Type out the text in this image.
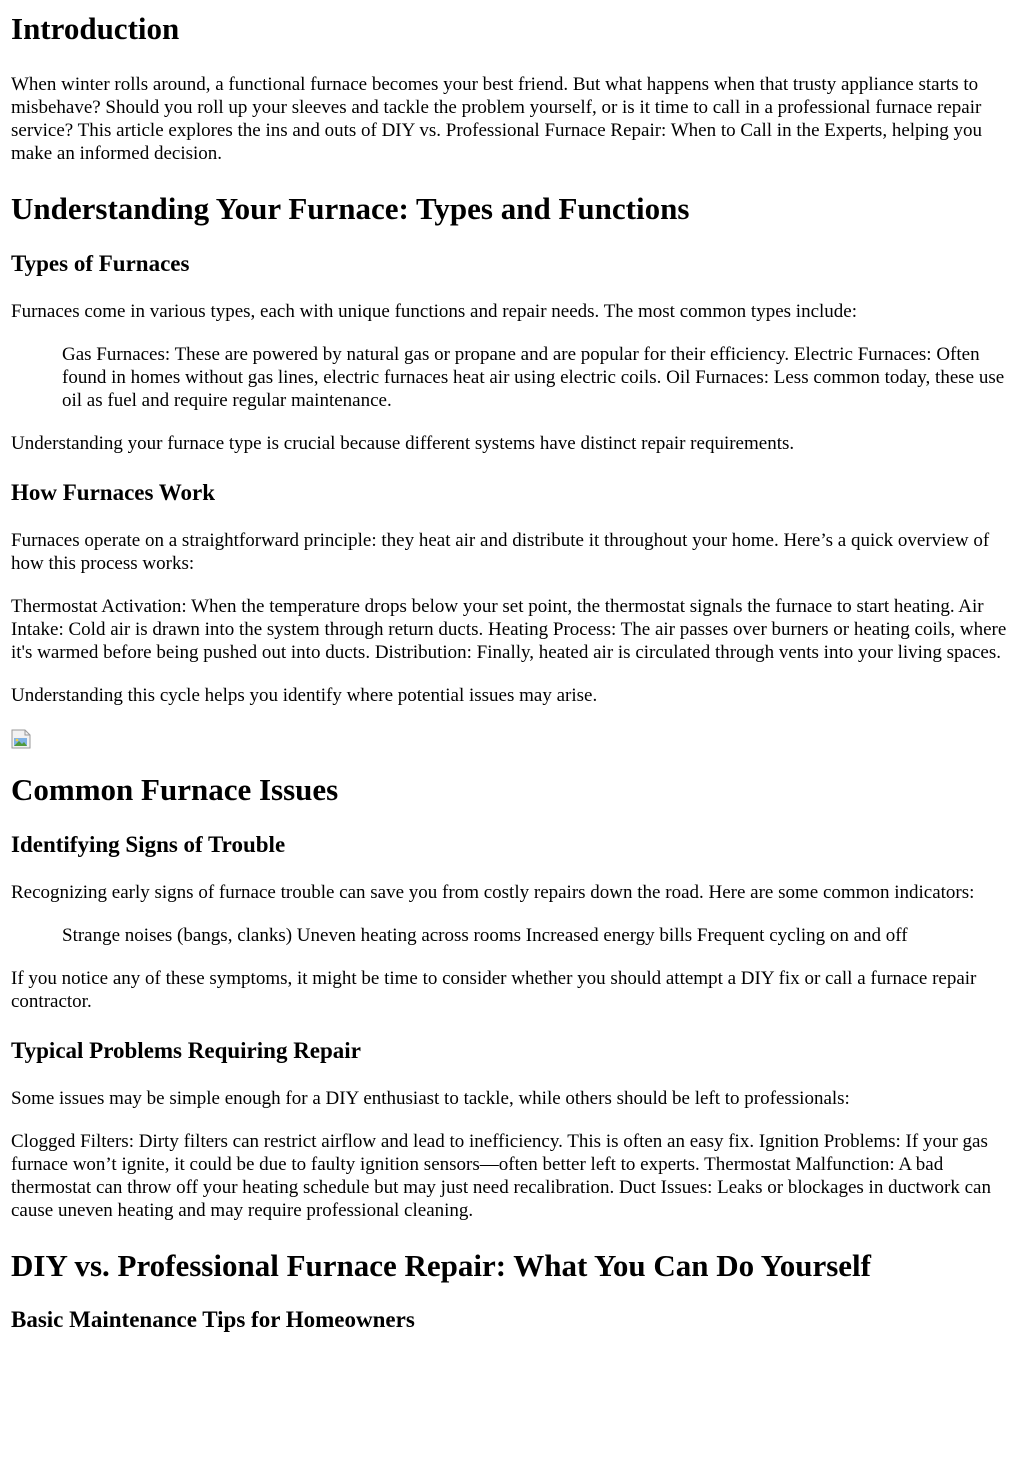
Introduction

When winter rolls around, a functional furnace becomes your best friend. But what happens when that trusty appliance starts to misbehave? Should you roll up your sleeves and tackle the problem yourself, or is it time to call in a professional furnace repair service? This article explores the ins and outs of DIY vs. Professional Furnace Repair: When to Call in the Experts, helping you make an informed decision.

Understanding Your Furnace: Types and Functions
Types of Furnaces

Furnaces come in various types, each with unique functions and repair needs. The most common types include:

Gas Furnaces: These are powered by natural gas or propane and are popular for their efficiency. Electric Furnaces: Often found in homes without gas lines, electric furnaces heat air using electric coils. Oil Furnaces: Less common today, these use oil as fuel and require regular maintenance.

Understanding your furnace type is crucial because different systems have distinct repair requirements.

How Furnaces Work

Furnaces operate on a straightforward principle: they heat air and distribute it throughout your home. Here’s a quick overview of how this process works:

Thermostat Activation: When the temperature drops below your set point, the thermostat signals the furnace to start heating. Air Intake: Cold air is drawn into the system through return ducts. Heating Process: The air passes over burners or heating coils, where it's warmed before being pushed out into ducts. Distribution: Finally, heated air is circulated through vents into your living spaces.

Understanding this cycle helps you identify where potential issues may arise.

Common Furnace Issues
Identifying Signs of Trouble

Recognizing early signs of furnace trouble can save you from costly repairs down the road. Here are some common indicators:

Strange noises (bangs, clanks) Uneven heating across rooms Increased energy bills Frequent cycling on and off

If you notice any of these symptoms, it might be time to consider whether you should attempt a DIY fix or call a furnace repair contractor.

Typical Problems Requiring Repair

Some issues may be simple enough for a DIY enthusiast to tackle, while others should be left to professionals:

Clogged Filters: Dirty filters can restrict airflow and lead to inefficiency. This is often an easy fix. Ignition Problems: If your gas furnace won’t ignite, it could be due to faulty ignition sensors—often better left to experts. Thermostat Malfunction: A bad thermostat can throw off your heating schedule but may just need recalibration. Duct Issues: Leaks or blockages in ductwork can cause uneven heating and may require professional cleaning.

DIY vs. Professional Furnace Repair: What You Can Do Yourself
Basic Maintenance Tips for Homeowners
